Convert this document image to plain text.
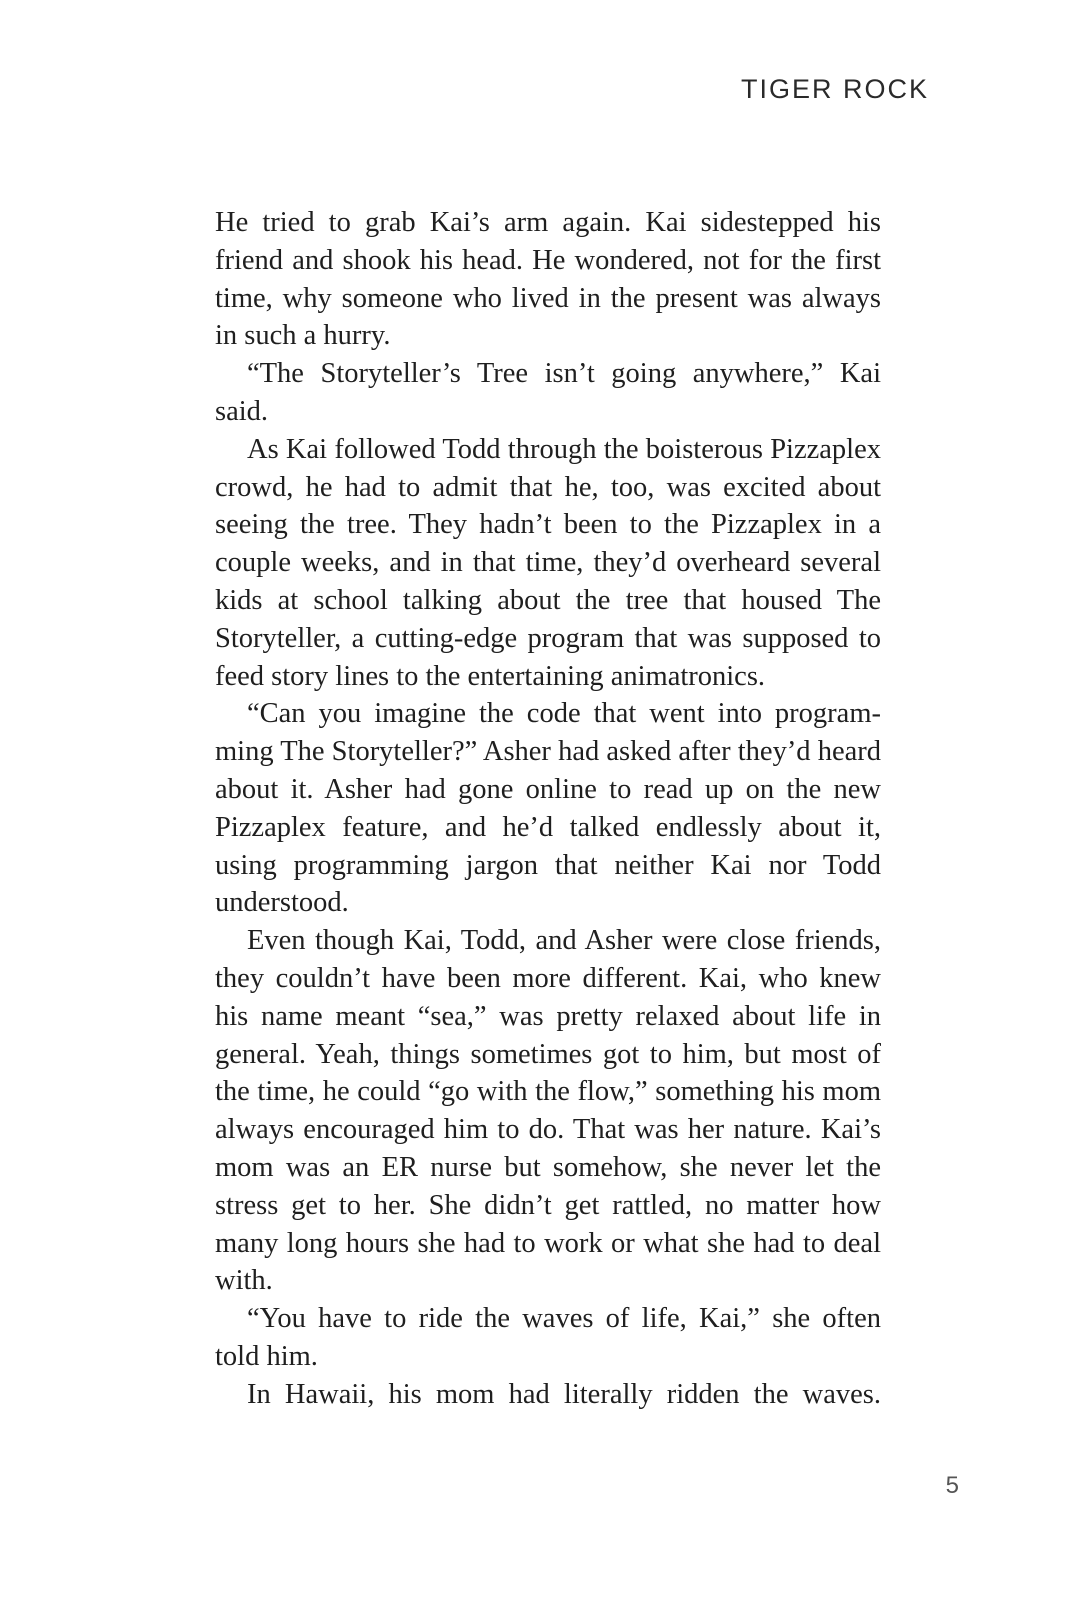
TIGER ROCK

He tried to grab Kai’s arm again. Kai sidestepped his friend and shook his head. He wondered, not for the first time, why someone who lived in the present was always in such a hurry.

“The Storyteller’s Tree isn’t going anywhere,” Kai said.

As Kai followed Todd through the boisterous Pizzaplex crowd, he had to admit that he, too, was excited about seeing the tree. They hadn’t been to the Pizzaplex in a couple weeks, and in that time, they’d overheard several kids at school talking about the tree that housed The Storyteller, a cutting-edge program that was supposed to feed story lines to the entertaining animatronics.

“Can you imagine the code that went into programming The Storyteller?” Asher had asked after they’d heard about it. Asher had gone online to read up on the new Pizzaplex feature, and he’d talked endlessly about it, using programming jargon that neither Kai nor Todd understood.

Even though Kai, Todd, and Asher were close friends, they couldn’t have been more different. Kai, who knew his name meant “sea,” was pretty relaxed about life in general. Yeah, things sometimes got to him, but most of the time, he could “go with the flow,” something his mom always encouraged him to do. That was her nature. Kai’s mom was an ER nurse but somehow, she never let the stress get to her. She didn’t get rattled, no matter how many long hours she had to work or what she had to deal with.

“You have to ride the waves of life, Kai,” she often told him.

In Hawaii, his mom had literally ridden the waves.

5
